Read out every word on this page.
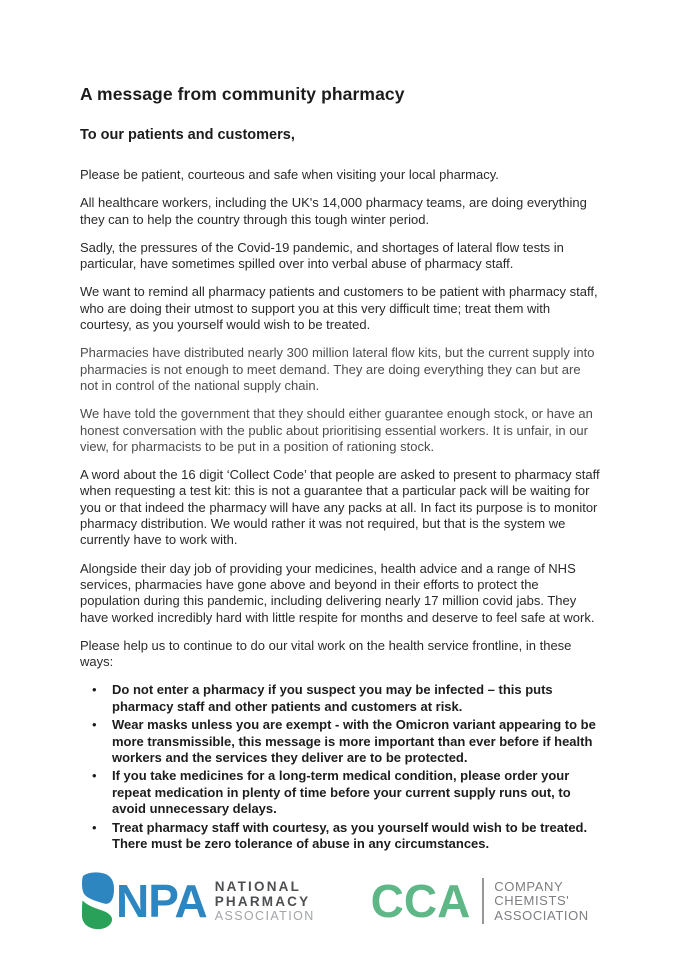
A message from community pharmacy
To our patients and customers,

Please be patient, courteous and safe when visiting your local pharmacy.

All healthcare workers, including the UK's 14,000 pharmacy teams, are doing everything they can to help the country through this tough winter period.

Sadly, the pressures of the Covid-19 pandemic, and shortages of lateral flow tests in particular, have sometimes spilled over into verbal abuse of pharmacy staff.

We want to remind all pharmacy patients and customers to be patient with pharmacy staff, who are doing their utmost to support you at this very difficult time; treat them with courtesy, as you yourself would wish to be treated.

Pharmacies have distributed nearly 300 million lateral flow kits, but the current supply into pharmacies is not enough to meet demand. They are doing everything they can but are not in control of the national supply chain.

We have told the government that they should either guarantee enough stock, or have an honest conversation with the public about prioritising essential workers. It is unfair, in our view, for pharmacists to be put in a position of rationing stock.

A word about the 16 digit ‘Collect Code’ that people are asked to present to pharmacy staff when requesting a test kit: this is not a guarantee that a particular pack will be waiting for you or that indeed the pharmacy will have any packs at all. In fact its purpose is to monitor pharmacy distribution. We would rather it was not required, but that is the system we currently have to work with.

Alongside their day job of providing your medicines, health advice and a range of NHS services, pharmacies have gone above and beyond in their efforts to protect the population during this pandemic, including delivering nearly 17 million covid jabs. They have worked incredibly hard with little respite for months and deserve to feel safe at work.

Please help us to continue to do our vital work on the health service frontline, in these ways:

• Do not enter a pharmacy if you suspect you may be infected – this puts pharmacy staff and other patients and customers at risk.
• Wear masks unless you are exempt - with the Omicron variant appearing to be more transmissible, this message is more important than ever before if health workers and the services they deliver are to be protected.
• If you take medicines for a long-term medical condition, please order your repeat medication in plenty of time before your current supply runs out, to avoid unnecessary delays.
• Treat pharmacy staff with courtesy, as you yourself would wish to be treated. There must be zero tolerance of abuse in any circumstances.
NPA NATIONAL
PHARMACY
ASSOCIATION CCA COMPANY
CHEMISTS'
ASSOCIATION
